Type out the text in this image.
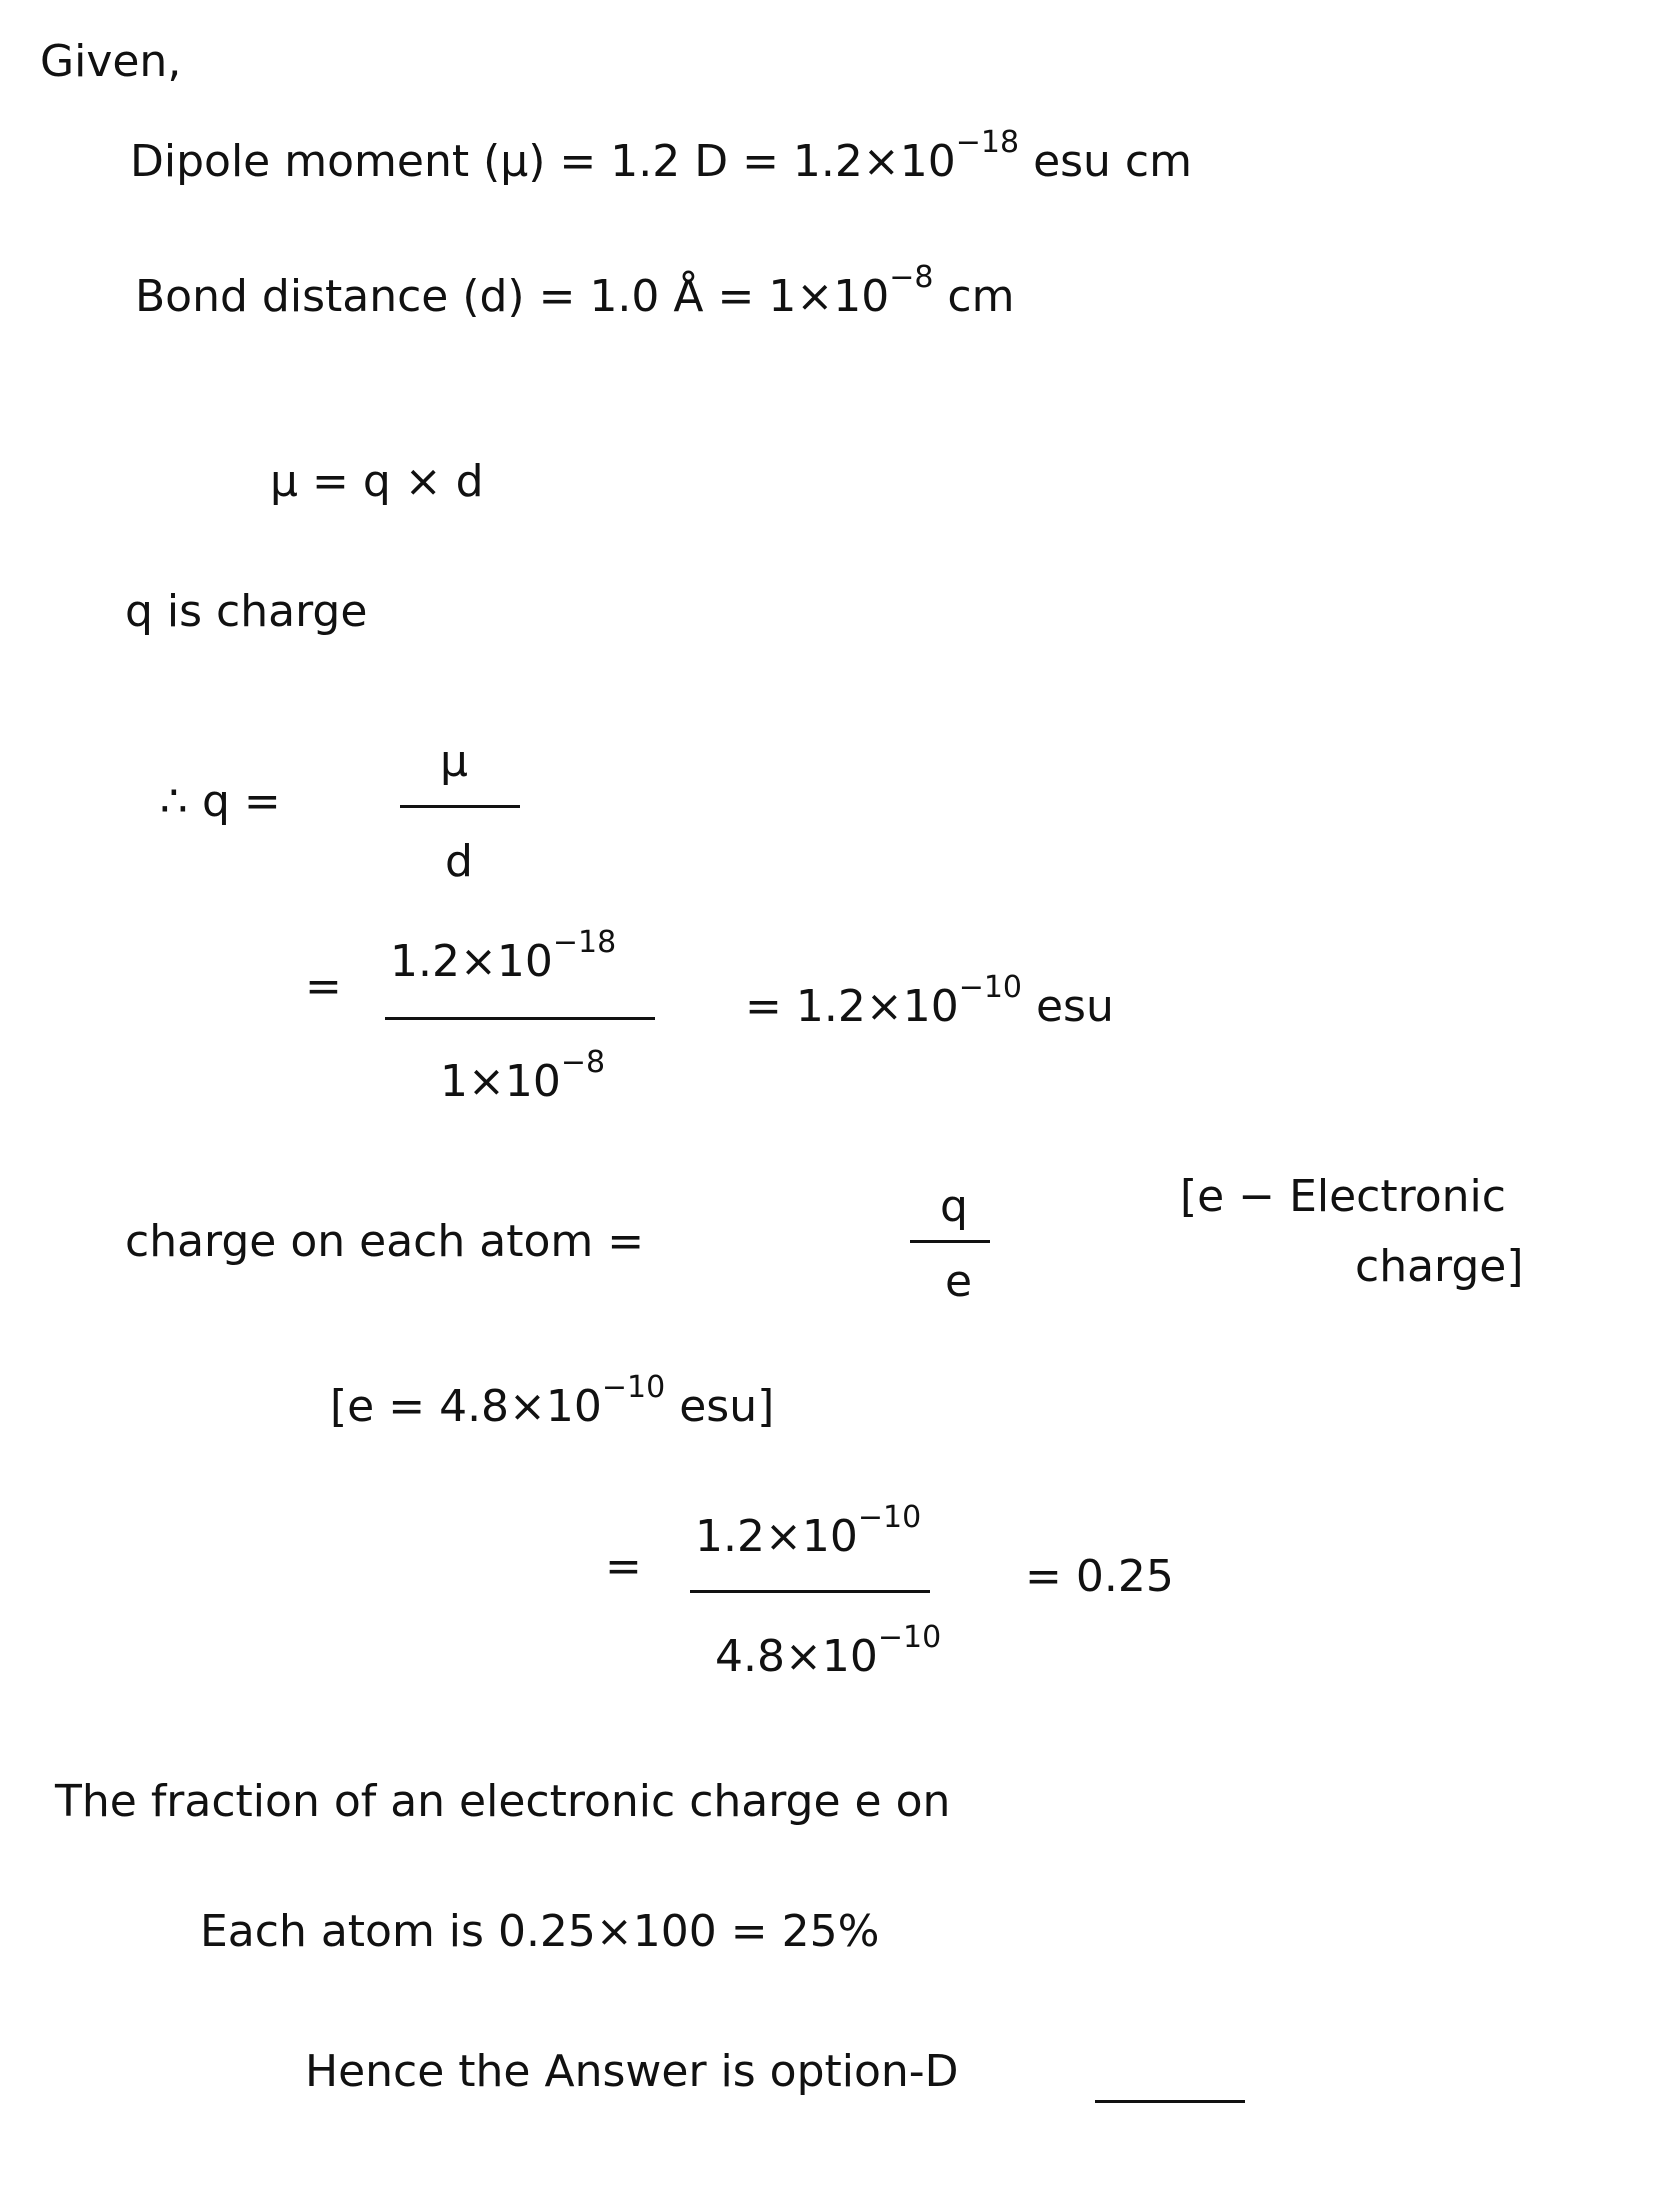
Given,
Dipole moment (μ) = 1.2 $D = 1.2\times 10^{-18}$ esu cm
Bond distance (d) = 1.0 Å = $1\times 10^{-8}$ cm
μ = q × d
q is charge
∴ q =
μ
d
= $1.2\times 10^{-18}$
$1\times 10^{-8}$
= $1.2\times 10^{-10}$ esu
charge on each atom =
q
e
[e − Electronic
charge]
[$e = 4.8\times 10^{-10}$ esu]
=
$1.2\times 10^{-10}$
$4.8\times 10^{-10}$
= 0.25
The fraction of an electronic charge e on
Each atom is 0.25×100 = 25%
Hence the Answer is option-D
